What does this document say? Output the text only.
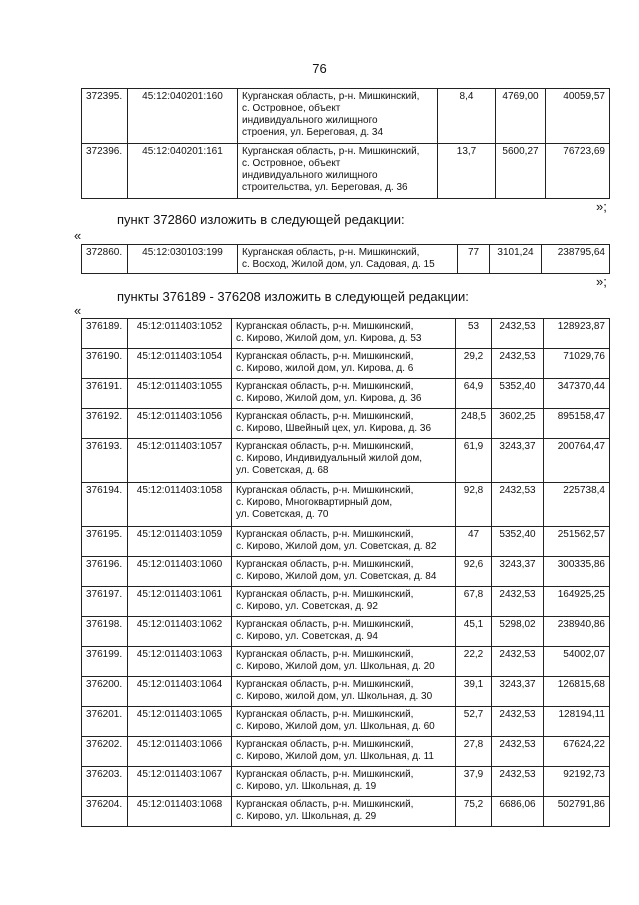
76
372395.	45:12:040201:160	Курганская область, р-н. Мишкинский,
с. Островное, объект
индивидуального жилищного
строения, ул. Береговая, д. 34	8,4	4769,00	40059,57
372396.	45:12:040201:161	Курганская область, р-н. Мишкинский,
с. Островное, объект
индивидуального жилищного
строительства, ул. Береговая, д. 36	13,7	5600,27	76723,69
»;
пункт 372860 изложить в следующей редакции:
«
372860.	45:12:030103:199	Курганская область, р-н. Мишкинский,
с. Восход, Жилой дом, ул. Садовая, д. 15
	77	3101,24	238795,64
»;
пункты 376189 - 376208 изложить в следующей редакции:
«
376189.	45:12:011403:1052	Курганская область, р-н. Мишкинский,
с. Кирово, Жилой дом, ул. Кирова, д. 53	53	2432,53	128923,87
376190.	45:12:011403:1054	Курганская область, р-н. Мишкинский,
с. Кирово, жилой дом, ул. Кирова, д. 6	29,2	2432,53	71029,76
376191.	45:12:011403:1055	Курганская область, р-н. Мишкинский,
с. Кирово, Жилой дом, ул. Кирова, д. 36	64,9	5352,40	347370,44
376192.	45:12:011403:1056	Курганская область, р-н. Мишкинский,
с. Кирово, Швейный цех, ул. Кирова, д. 36	248,5	3602,25	895158,47
376193.	45:12:011403:1057	Курганская область, р-н. Мишкинский,
с. Кирово, Индивидуальный жилой дом,
ул. Советская, д. 68	61,9	3243,37	200764,47
376194.	45:12:011403:1058	Курганская область, р-н. Мишкинский,
с. Кирово, Многоквартирный дом,
ул. Советская, д. 70	92,8	2432,53	225738,4
376195.	45:12:011403:1059	Курганская область, р-н. Мишкинский,
с. Кирово, Жилой дом, ул. Советская, д. 82	47	5352,40	251562,57
376196.	45:12:011403:1060	Курганская область, р-н. Мишкинский,
с. Кирово, Жилой дом, ул. Советская, д. 84	92,6	3243,37	300335,86
376197.	45:12:011403:1061	Курганская область, р-н. Мишкинский,
с. Кирово, ул. Советская, д. 92	67,8	2432,53	164925,25
376198.	45:12:011403:1062	Курганская область, р-н. Мишкинский,
с. Кирово, ул. Советская, д. 94	45,1	5298,02	238940,86
376199.	45:12:011403:1063	Курганская область, р-н. Мишкинский,
с. Кирово, Жилой дом, ул. Школьная, д. 20	22,2	2432,53	54002,07
376200.	45:12:011403:1064	Курганская область, р-н. Мишкинский,
с. Кирово, жилой дом, ул. Школьная, д. 30	39,1	3243,37	126815,68
376201.	45:12:011403:1065	Курганская область, р-н. Мишкинский,
с. Кирово, Жилой дом, ул. Школьная, д. 60	52,7	2432,53	128194,11
376202.	45:12:011403:1066	Курганская область, р-н. Мишкинский,
с. Кирово, Жилой дом, ул. Школьная, д. 11	27,8	2432,53	67624,22
376203.	45:12:011403:1067	Курганская область, р-н. Мишкинский,
с. Кирово, ул. Школьная, д. 19	37,9	2432,53	92192,73
376204.	45:12:011403:1068	Курганская область, р-н. Мишкинский,
с. Кирово, ул. Школьная, д. 29	75,2	6686,06	502791,86
